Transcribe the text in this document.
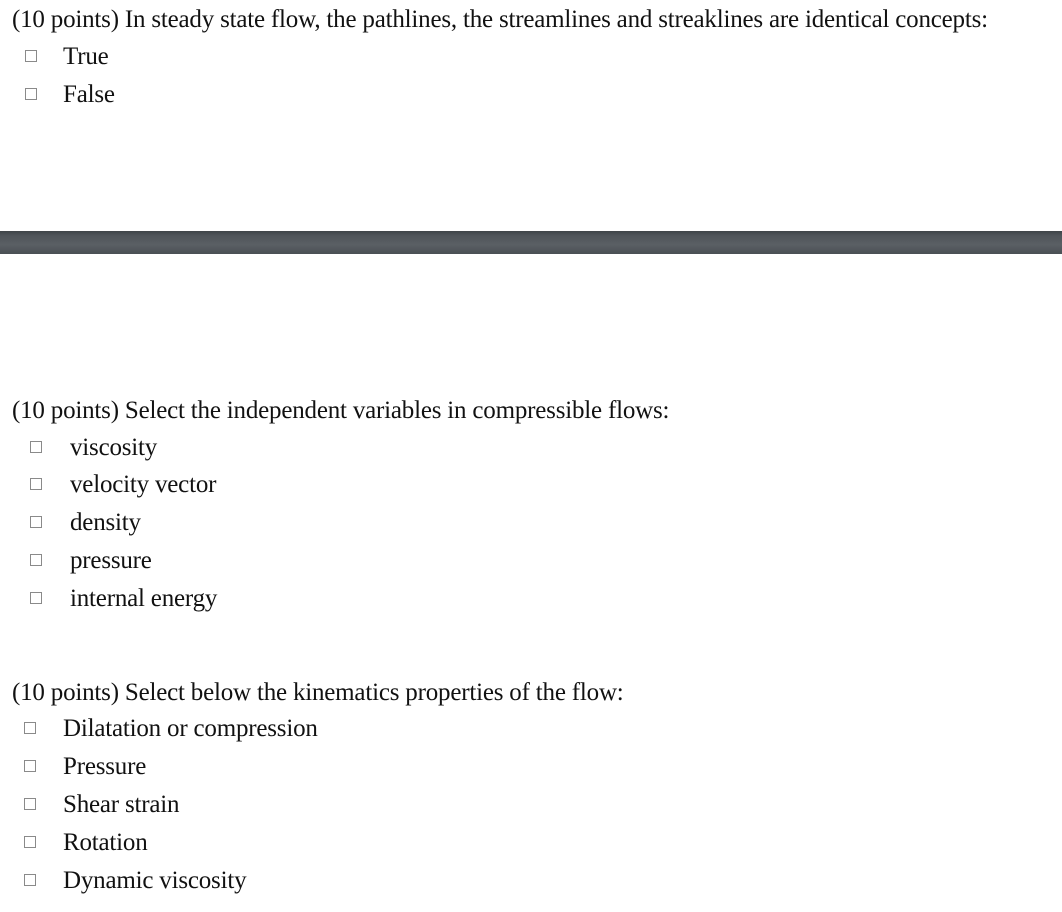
(10 points) In steady state flow, the pathlines, the streamlines and streaklines are identical concepts:
True
False
(10 points) Select the independent variables in compressible flows:
viscosity
velocity vector
density
pressure
internal energy
(10 points) Select below the kinematics properties of the flow:
Dilatation or compression
Pressure
Shear strain
Rotation
Dynamic viscosity
